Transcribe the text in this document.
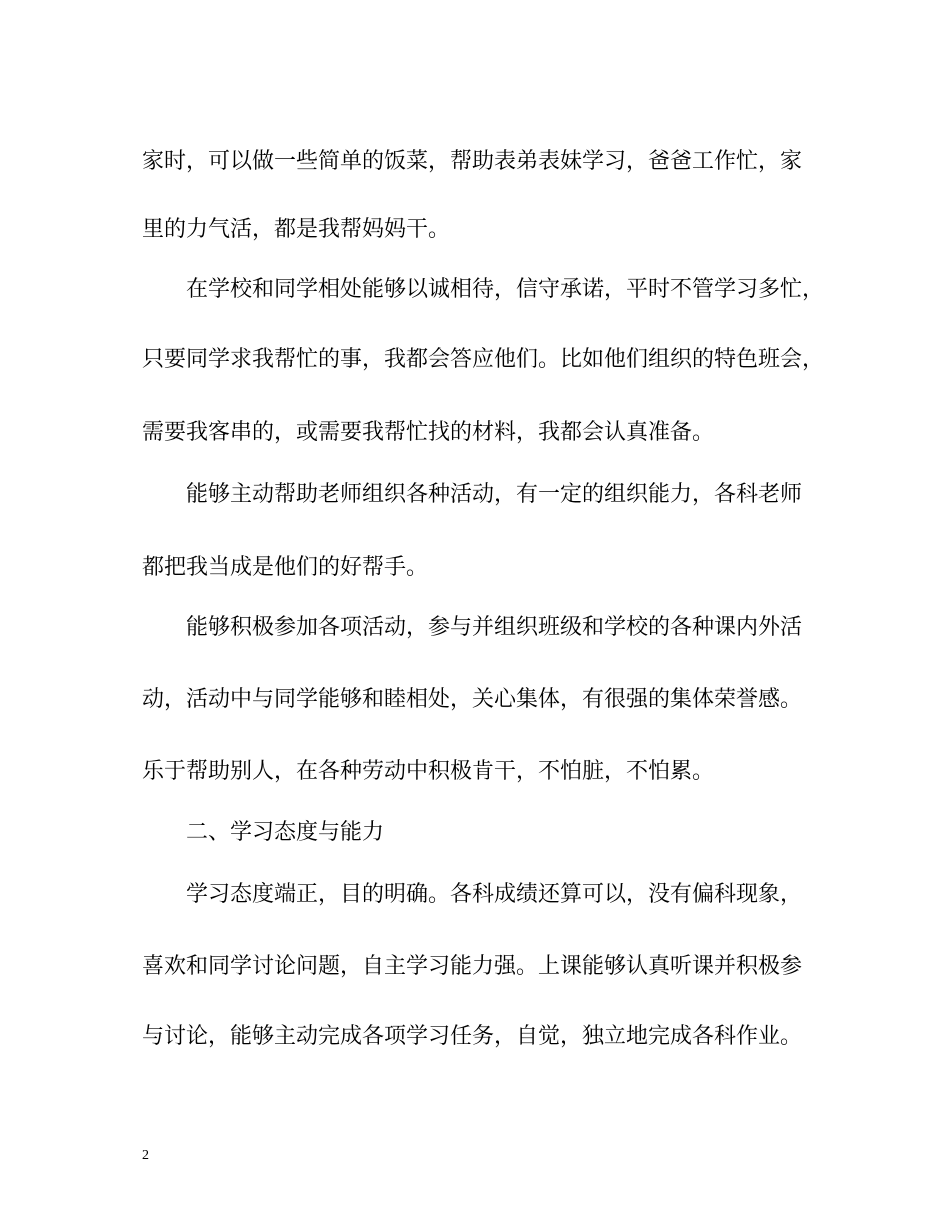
家时，可以做一些简单的饭菜，帮助表弟表妹学习，爸爸工作忙，家
里的力气活，都是我帮妈妈干。
在学校和同学相处能够以诚相待，信守承诺，平时不管学习多忙，
只要同学求我帮忙的事，我都会答应他们。比如他们组织的特色班会，
需要我客串的，或需要我帮忙找的材料，我都会认真准备。
能够主动帮助老师组织各种活动，有一定的组织能力，各科老师
都把我当成是他们的好帮手。
能够积极参加各项活动，参与并组织班级和学校的各种课内外活
动，活动中与同学能够和睦相处，关心集体，有很强的集体荣誉感。
乐于帮助别人，在各种劳动中积极肯干，不怕脏，不怕累。
二、学习态度与能力
学习态度端正，目的明确。各科成绩还算可以，没有偏科现象，
喜欢和同学讨论问题，自主学习能力强。上课能够认真听课并积极参
与讨论，能够主动完成各项学习任务，自觉，独立地完成各科作业。
2
